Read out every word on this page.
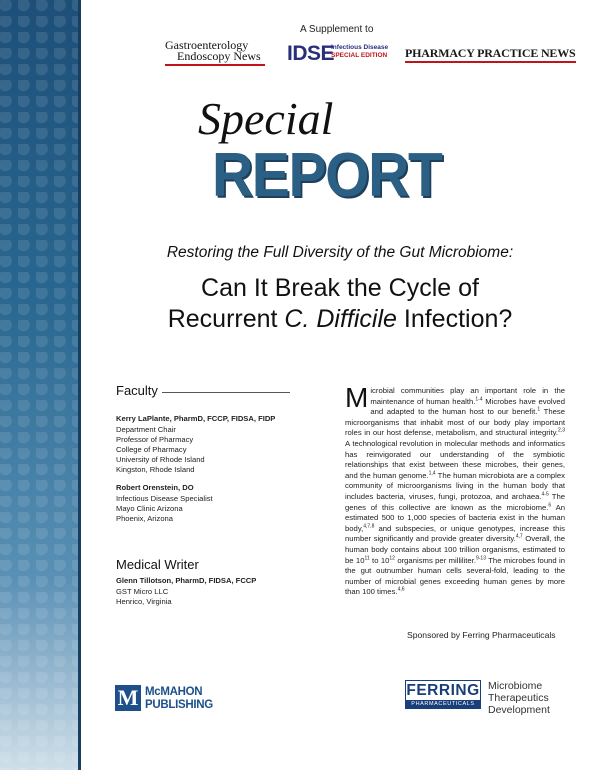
A Supplement to
Gastroenterology
Endoscopy News IDSE
Infectious Disease
SPECIAL EDITION PHARMACY PRACTICE NEWS
Special
REPORT
Restoring the Full Diversity of the Gut Microbiome:
Can It Break the Cycle of
Recurrent C. Difficile Infection?
Faculty
Kerry LaPlante, PharmD, FCCP, FIDSA, FIDP
Department Chair
Professor of Pharmacy
College of Pharmacy
University of Rhode Island
Kingston, Rhode Island
Robert Orenstein, DO
Infectious Disease Specialist
Mayo Clinic Arizona
Phoenix, Arizona
Medical Writer
Glenn Tillotson, PharmD, FIDSA, FCCP
GST Micro LLC
Henrico, Virginia
Microbial communities play an important role in the maintenance of human health.$^{1-4}$ Microbes have evolved and adapted to the human host to our benefit.$^1$ These microorganisms that inhabit most of our body play important roles in our host defense, metabolism, and structural integrity.$^{2,3}$ A technological revolution in molecular methods and informatics has reinvigorated our understanding of the symbiotic relationships that exist between these microbes, their genes, and the human genome.$^{1,4}$ The human microbiota are a complex community of microorganisms living in the human body that includes bacteria, viruses, fungi, protozoa, and archaea.$^{4-5}$ The genes of this collective are known as the microbiome.$^6$ An estimated 500 to 1,000 species of bacteria exist in the human body,$^{4,7,8}$ and subspecies, or unique genotypes, increase this number significantly and provide greater diversity.$^{4,7}$ Overall, the human body contains about 100 trillion organisms, estimated to be $10^{11}$ to $10^{12}$ organisms per milliliter.$^{9-13}$ The microbes found in the gut outnumber human cells several-fold, leading to the number of microbial genes exceeding human genes by more than 100 times.$^{4,6}$
Sponsored by Ferring Pharmaceuticals
FERRING
PHARMACEUTICALS
Microbiome
Therapeutics
Development
M McMAHON
PUBLISHING
